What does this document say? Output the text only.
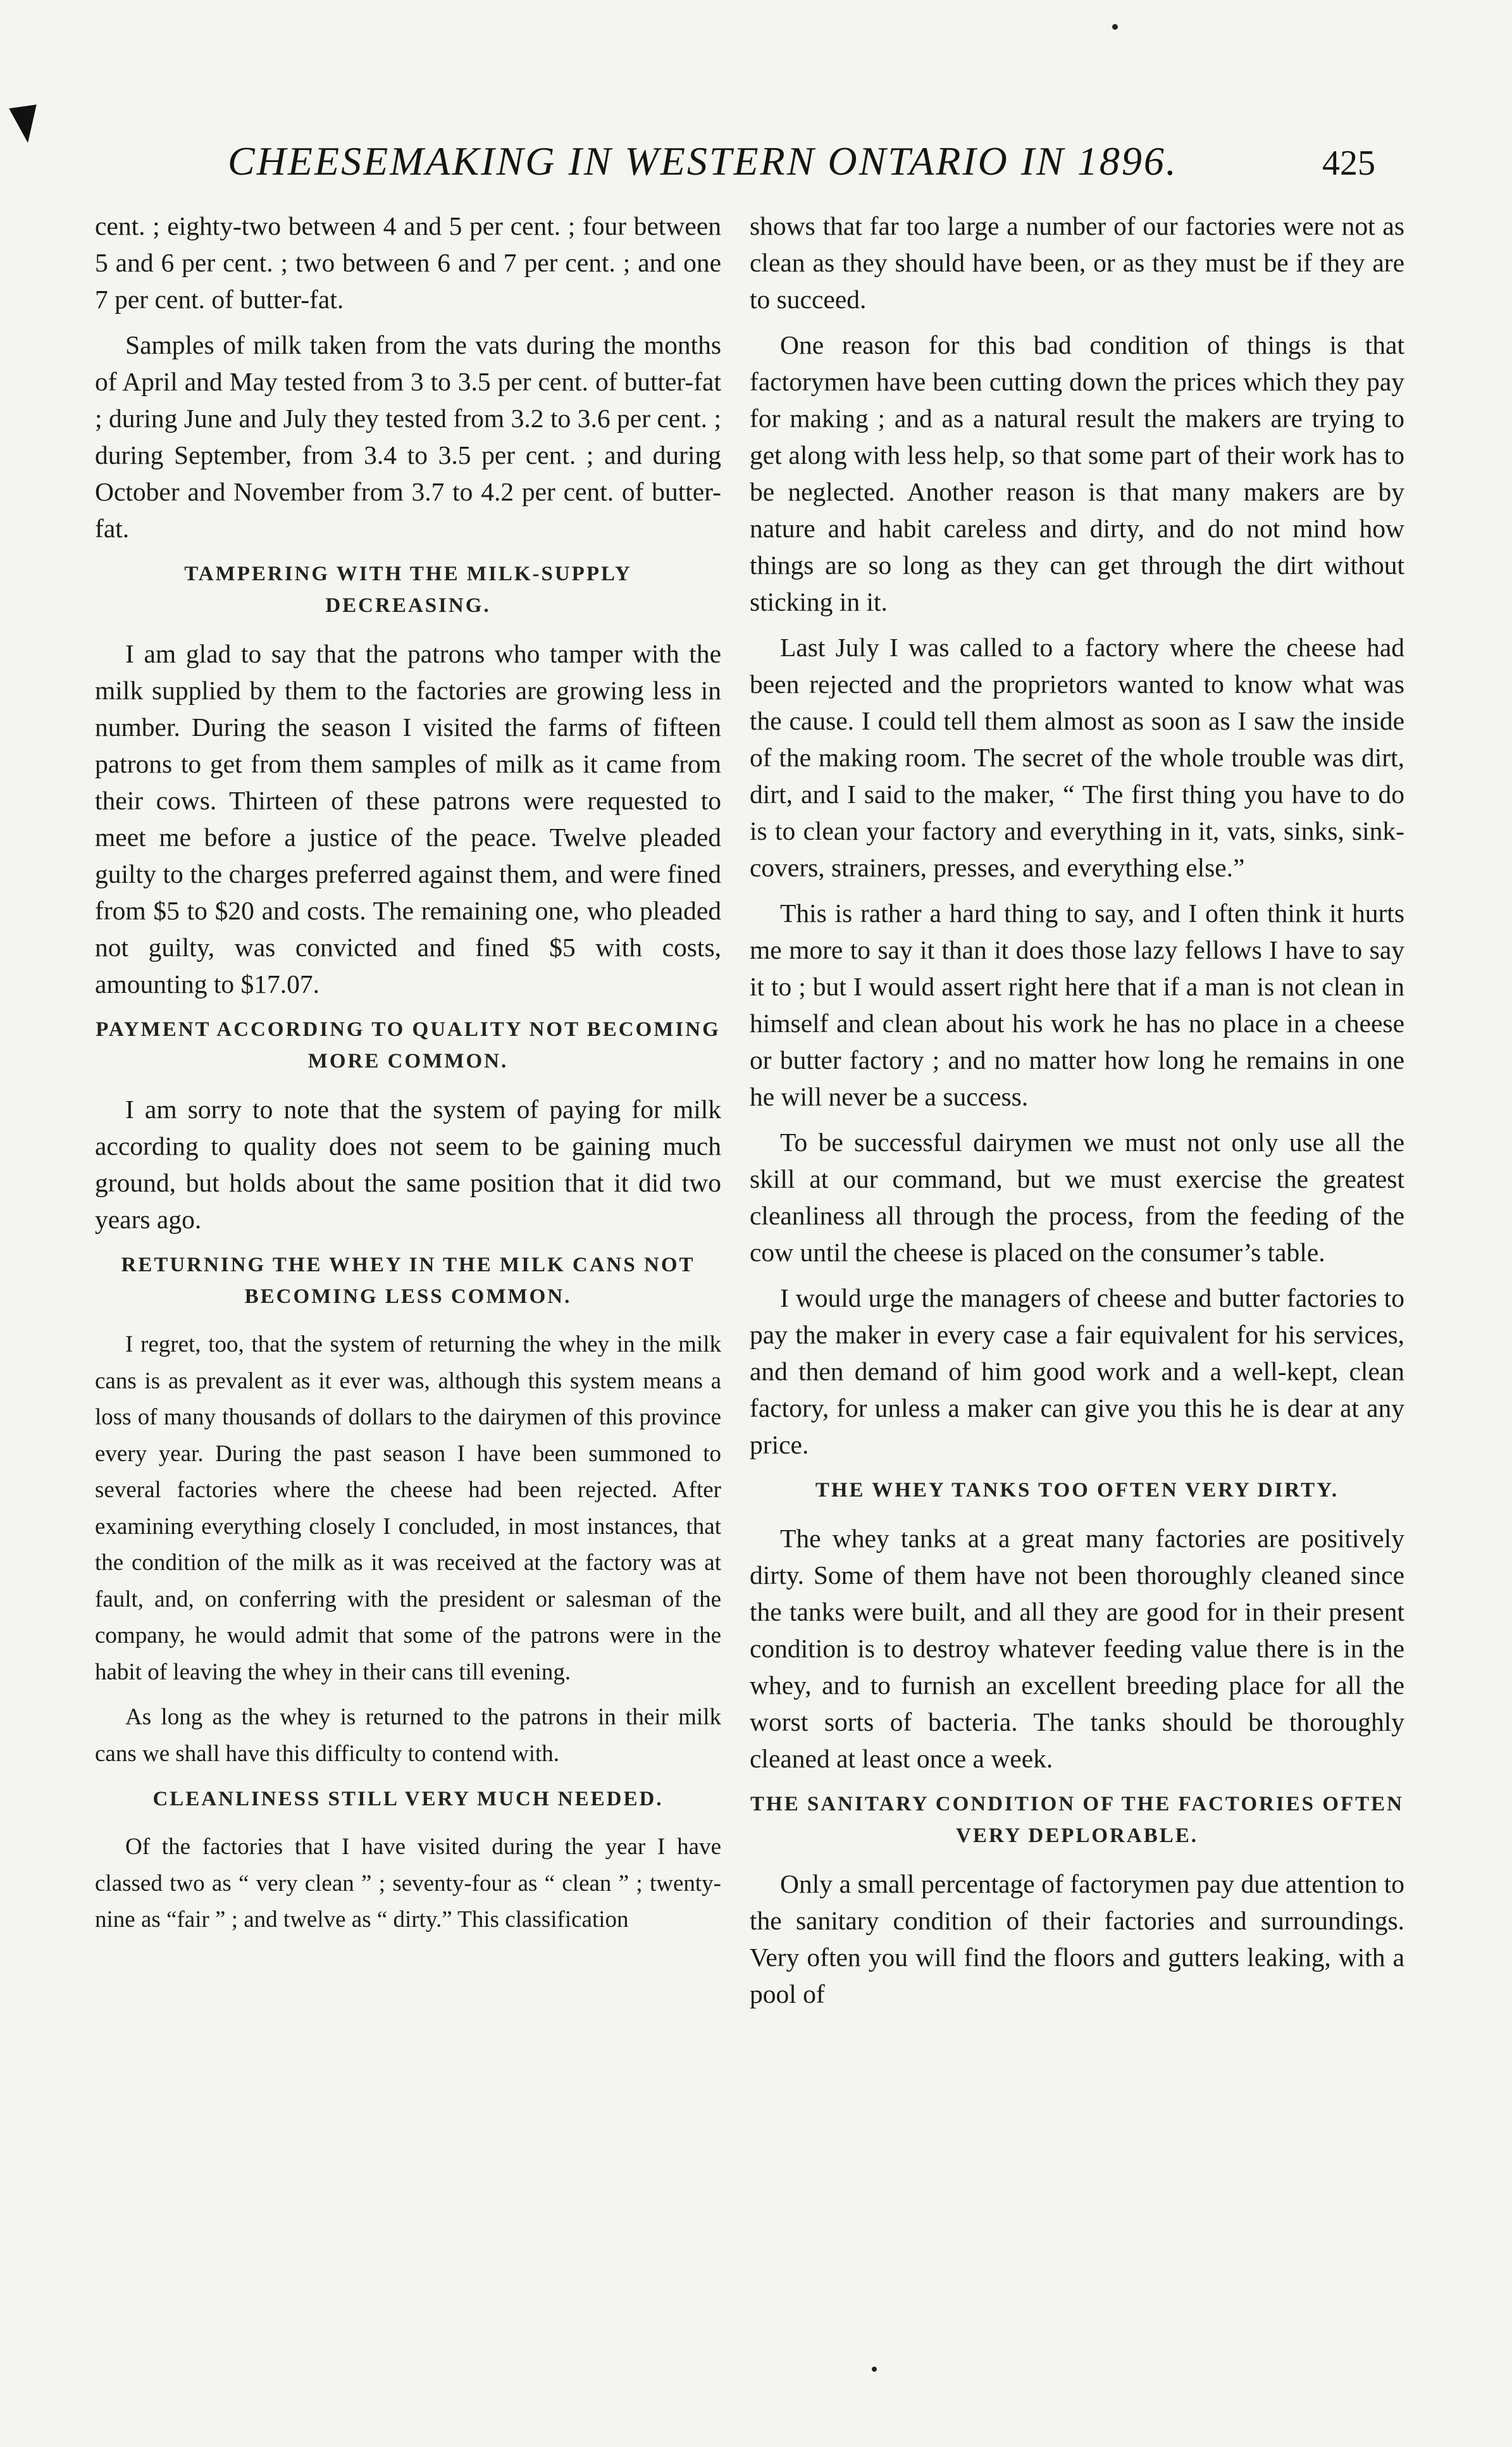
CHEESEMAKING IN WESTERN ONTARIO IN 1896.	425

cent. ; eighty-two between 4 and 5 per cent. ; four between 5 and 6 per cent. ; two between 6 and 7 per cent. ; and one 7 per cent. of butter-fat.

Samples of milk taken from the vats during the months of April and May tested from 3 to 3.5 per cent. of butter-fat ; during June and July they tested from 3.2 to 3.6 per cent. ; during September, from 3.4 to 3.5 per cent. ; and during October and November from 3.7 to 4.2 per cent. of butter-fat.

TAMPERING WITH THE MILK-SUPPLY DECREASING.

I am glad to say that the patrons who tamper with the milk supplied by them to the factories are growing less in number. During the season I visited the farms of fifteen patrons to get from them samples of milk as it came from their cows. Thirteen of these patrons were requested to meet me before a justice of the peace. Twelve pleaded guilty to the charges preferred against them, and were fined from $5 to $20 and costs. The remaining one, who pleaded not guilty, was convicted and fined $5 with costs, amounting to $17.07.

PAYMENT ACCORDING TO QUALITY NOT BECOMING MORE COMMON.

I am sorry to note that the system of paying for milk according to quality does not seem to be gaining much ground, but holds about the same position that it did two years ago.

RETURNING THE WHEY IN THE MILK CANS NOT BECOMING LESS COMMON.

I regret, too, that the system of returning the whey in the milk cans is as prevalent as it ever was, although this system means a loss of many thousands of dollars to the dairymen of this province every year. During the past season I have been summoned to several factories where the cheese had been rejected. After examining everything closely I concluded, in most instances, that the condition of the milk as it was received at the factory was at fault, and, on conferring with the president or salesman of the company, he would admit that some of the patrons were in the habit of leaving the whey in their cans till evening.

As long as the whey is returned to the patrons in their milk cans we shall have this difficulty to contend with.

CLEANLINESS STILL VERY MUCH NEEDED.

Of the factories that I have visited during the year I have classed two as “ very clean ” ; seventy-four as “ clean ” ; twenty-nine as “fair ” ; and twelve as “ dirty.” This classification

shows that far too large a number of our factories were not as clean as they should have been, or as they must be if they are to succeed.

One reason for this bad condition of things is that factorymen have been cutting down the prices which they pay for making ; and as a natural result the makers are trying to get along with less help, so that some part of their work has to be neglected. Another reason is that many makers are by nature and habit careless and dirty, and do not mind how things are so long as they can get through the dirt without sticking in it.

Last July I was called to a factory where the cheese had been rejected and the proprietors wanted to know what was the cause. I could tell them almost as soon as I saw the inside of the making room. The secret of the whole trouble was dirt, dirt, and I said to the maker, “ The first thing you have to do is to clean your factory and everything in it, vats, sinks, sink-covers, strainers, presses, and everything else.”

This is rather a hard thing to say, and I often think it hurts me more to say it than it does those lazy fellows I have to say it to ; but I would assert right here that if a man is not clean in himself and clean about his work he has no place in a cheese or butter factory ; and no matter how long he remains in one he will never be a success.

To be successful dairymen we must not only use all the skill at our command, but we must exercise the greatest cleanliness all through the process, from the feeding of the cow until the cheese is placed on the consumer’s table.

I would urge the managers of cheese and butter factories to pay the maker in every case a fair equivalent for his services, and then demand of him good work and a well-kept, clean factory, for unless a maker can give you this he is dear at any price.

THE WHEY TANKS TOO OFTEN VERY DIRTY.

The whey tanks at a great many factories are positively dirty. Some of them have not been thoroughly cleaned since the tanks were built, and all they are good for in their present condition is to destroy whatever feeding value there is in the whey, and to furnish an excellent breeding place for all the worst sorts of bacteria. The tanks should be thoroughly cleaned at least once a week.

THE SANITARY CONDITION OF THE FACTORIES OFTEN VERY DEPLORABLE.

Only a small percentage of factorymen pay due attention to the sanitary condition of their factories and surroundings. Very often you will find the floors and gutters leaking, with a pool of
